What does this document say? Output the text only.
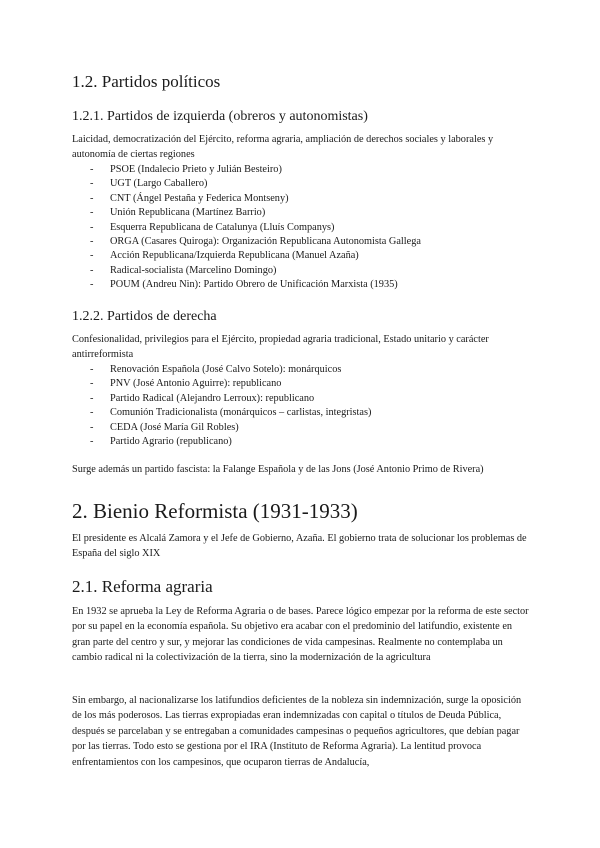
1.2. Partidos políticos
1.2.1. Partidos de izquierda (obreros y autonomistas)
Laicidad, democratización del Ejército, reforma agraria, ampliación de derechos sociales y laborales y autonomía de ciertas regiones
- PSOE (Indalecio Prieto y Julián Besteiro)
- UGT (Largo Caballero)
- CNT (Ángel Pestaña y Federica Montseny)
- Unión Republicana (Martínez Barrio)
- Esquerra Republicana de Catalunya (Lluís Companys)
- ORGA (Casares Quiroga): Organización Republicana Autonomista Gallega
- Acción Republicana/Izquierda Republicana (Manuel Azaña)
- Radical-socialista (Marcelino Domingo)
- POUM (Andreu Nin): Partido Obrero de Unificación Marxista (1935)
1.2.2. Partidos de derecha
Confesionalidad, privilegios para el Ejército, propiedad agraria tradicional, Estado unitario y carácter antirreformista
- Renovación Española (José Calvo Sotelo): monárquicos
- PNV (José Antonio Aguirre): republicano
- Partido Radical (Alejandro Lerroux): republicano
- Comunión Tradicionalista (monárquicos – carlistas, integristas)
- CEDA (José María Gil Robles)
- Partido Agrario (republicano)
Surge además un partido fascista: la Falange Española y de las Jons (José Antonio Primo de Rivera)
2. Bienio Reformista (1931-1933)
El presidente es Alcalá Zamora y el Jefe de Gobierno, Azaña. El gobierno trata de solucionar los problemas de España del siglo XIX
2.1. Reforma agraria
En 1932 se aprueba la Ley de Reforma Agraria o de bases. Parece lógico empezar por la reforma de este sector por su papel en la economía española. Su objetivo era acabar con el predominio del latifundio, existente en gran parte del centro y sur, y mejorar las condiciones de vida campesinas. Realmente no contemplaba un cambio radical ni la colectivización de la tierra, sino la modernización de la agricultura
Sin embargo, al nacionalizarse los latifundios deficientes de la nobleza sin indemnización, surge la oposición de los más poderosos. Las tierras expropiadas eran indemnizadas con capital o títulos de Deuda Pública, después se parcelaban y se entregaban a comunidades campesinas o pequeños agricultores, que debían pagar por las tierras. Todo esto se gestiona por el IRA (Instituto de Reforma Agraria). La lentitud provoca enfrentamientos con los campesinos, que ocuparon tierras de Andalucía,
